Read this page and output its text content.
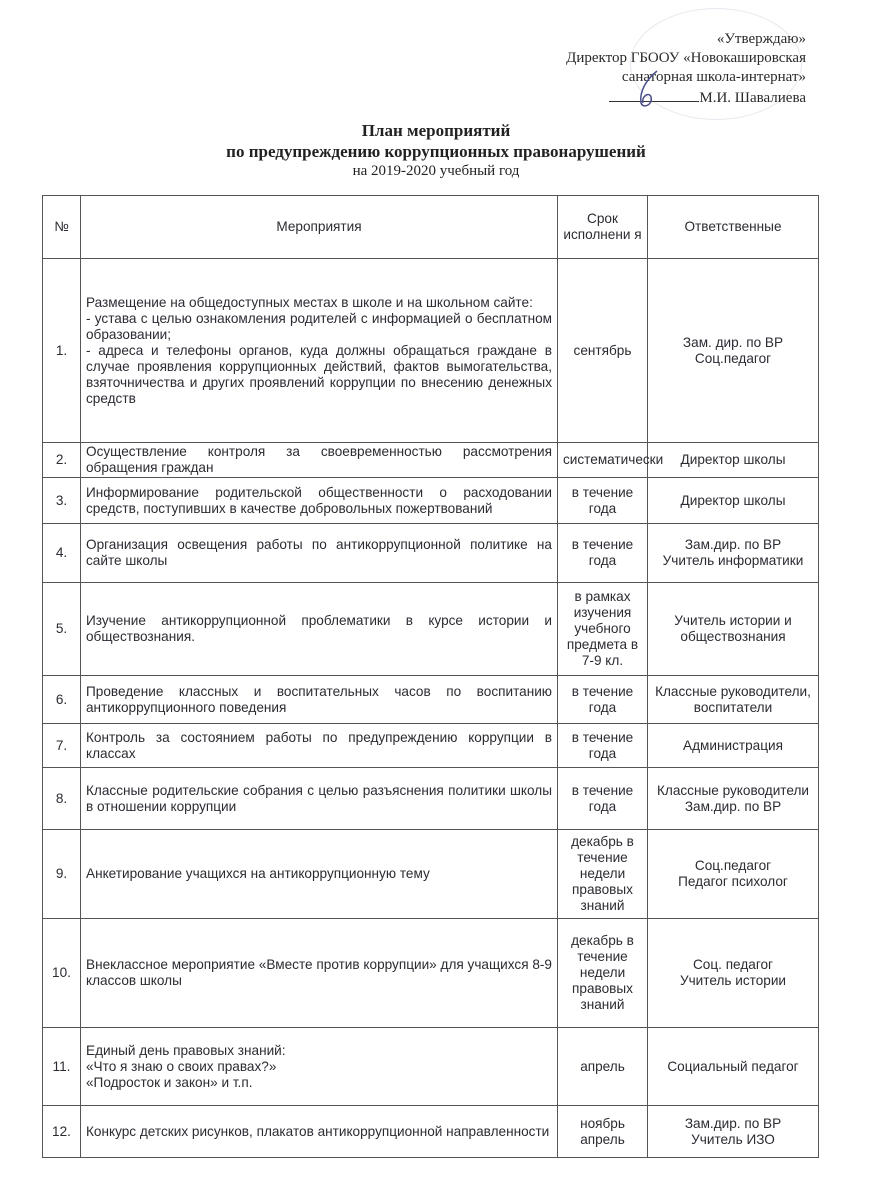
«Утверждаю»
Директор ГБООУ «Новокашировская
санаторная школа-интернат»
М.И. Шавалиева
План мероприятий
по предупреждению коррупционных правонарушений
на 2019-2020 учебный год
№	Мероприятия	Срок исполнени я	Ответственные
1.	Размещение на общедоступных местах в школе и на школьном сайте:
- устава с целью ознакомления родителей с информацией о бесплатном образовании;
- адреса и телефоны органов, куда должны обращаться граждане в случае проявления коррупционных действий, фактов вымогательства, взяточничества и других проявлений коррупции по внесению денежных средств	сентябрь	Зам. дир. по ВР
Соц.педагог

2.	Осуществление контроля за своевременностью рассмотрения обращения граждан	систематически	Директор школы

3.	Информирование родительской общественности о расходовании средств, поступивших в качестве добровольных пожертвований	в течение года	Директор школы

4.	Организация освещения работы по антикоррупционной политике на сайте школы	в течение года	Зам.дир. по ВР
Учитель информатики

5.	Изучение антикоррупционной проблематики в курсе истории и обществознания.	в рамках изучения учебного предмета в 7-9 кл.	Учитель истории и обществознания

6.	Проведение классных и воспитательных часов по воспитанию антикоррупционного поведения	в течение года	Классные руководители, воспитатели

7.	Контроль за состоянием работы по предупреждению коррупции в классах	в течение года	Администрация

8.	Классные родительские собрания с целью разъяснения политики школы в отношении коррупции	в течение года	Классные руководители
Зам.дир. по ВР

9.	Анкетирование учащихся на антикоррупционную тему	декабрь в течение недели правовых знаний	Соц.педагог
Педагог психолог

10.	Внеклассное мероприятие «Вместе против коррупции» для учащихся 8-9 классов школы	декабрь в течение недели правовых знаний	Соц. педагог
Учитель истории

11.	Единый день правовых знаний:
«Что я знаю о своих правах?»
«Подросток и закон» и т.п.	апрель	Социальный педагог

12.	Конкурс детских рисунков, плакатов антикоррупционной направленности	ноябрь апрель	Зам.дир. по ВР
Учитель ИЗО
